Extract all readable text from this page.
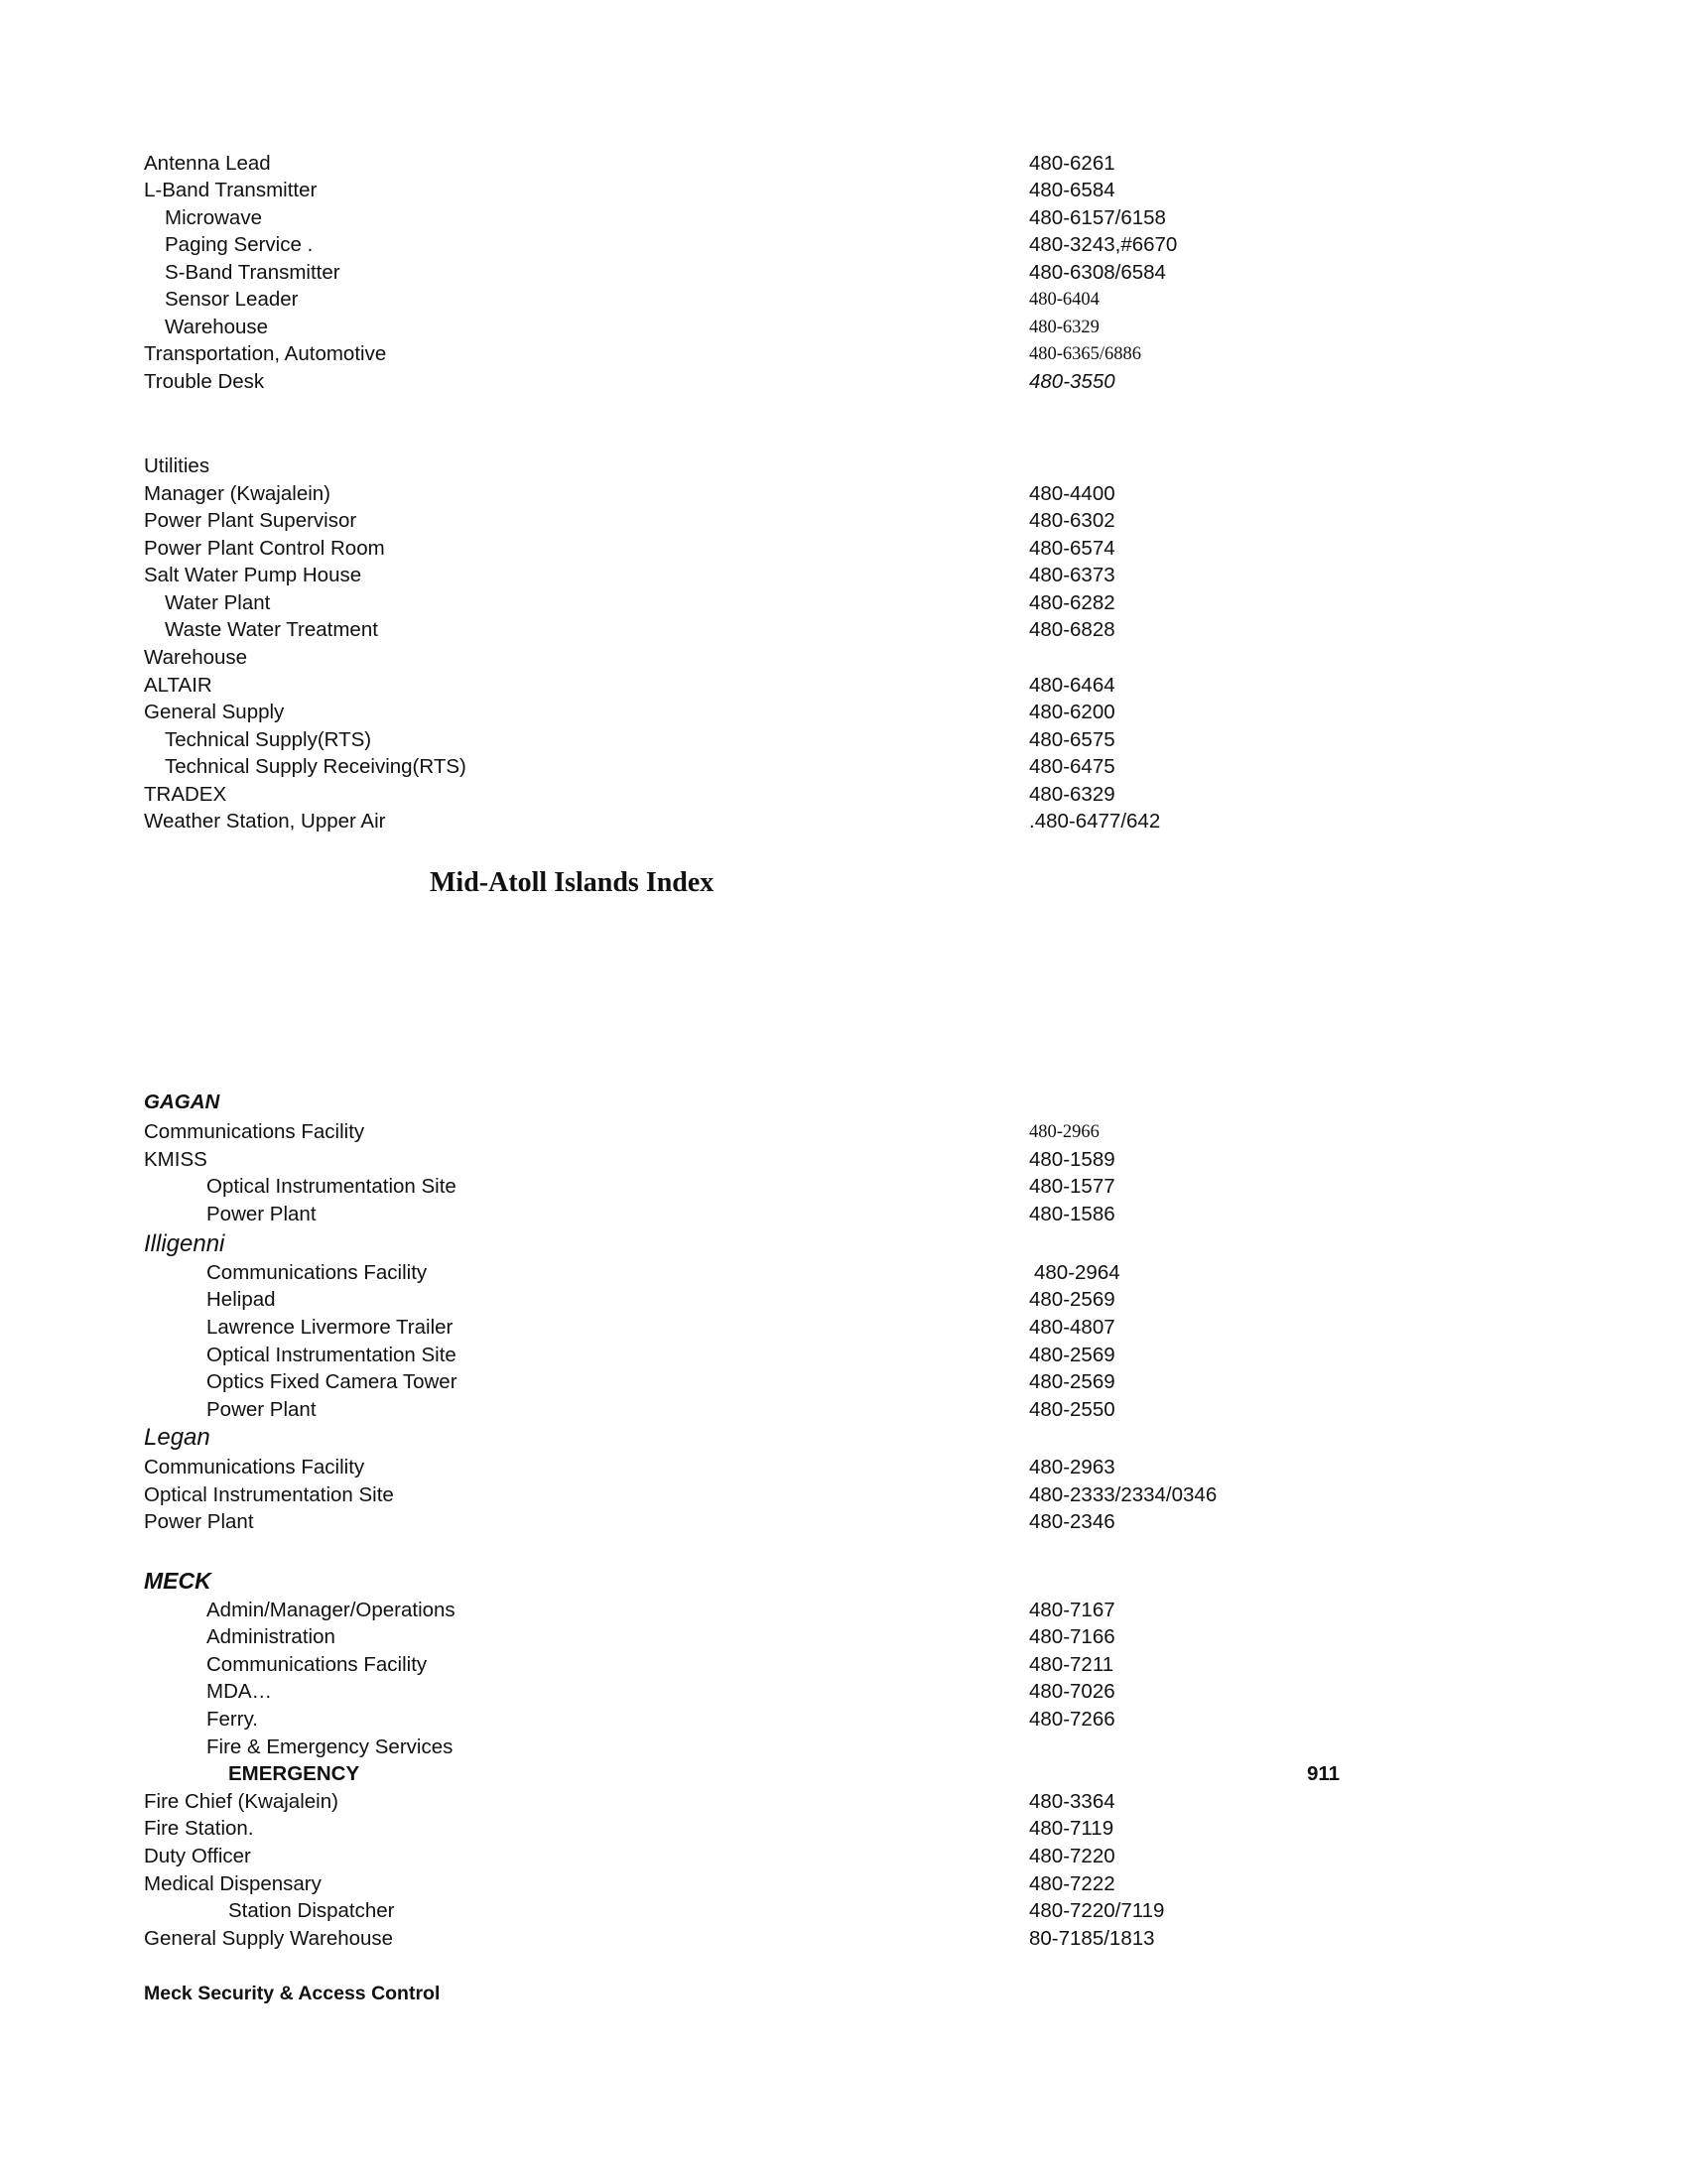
Antenna Lead	480-6261
L-Band Transmitter	480-6584
Microwave	480-6157/6158
Paging Service .	480-3243,#6670
S-Band Transmitter	480-6308/6584
Sensor Leader	480-6404
Warehouse	480-6329
Transportation, Automotive	480-6365/6886
Trouble Desk	480-3550
Utilities
Manager (Kwajalein)	480-4400
Power Plant Supervisor	480-6302
Power Plant Control Room	480-6574
Salt Water Pump House	480-6373
Water Plant	480-6282
Waste Water Treatment	480-6828
Warehouse
ALTAIR	480-6464
General Supply	480-6200
Technical Supply(RTS)	480-6575
Technical Supply Receiving(RTS)	480-6475
TRADEX	480-6329
Weather Station, Upper Air	.480-6477/642
Mid-Atoll Islands Index
GAGAN
Communications Facility	480-2966
KMISS	480-1589
Optical Instrumentation Site	480-1577
Power Plant	480-1586
Illigenni
Communications Facility	480-2964
Helipad	480-2569
Lawrence Livermore Trailer	480-4807
Optical Instrumentation Site	480-2569
Optics Fixed Camera Tower	480-2569
Power Plant	480-2550
Legan
Communications Facility	480-2963
Optical Instrumentation Site	480-2333/2334/0346
Power Plant	480-2346
MECK
Admin/Manager/Operations	480-7167
Administration	480-7166
Communications Facility	480-7211
MDA…	480-7026
Ferry.	480-7266
Fire & Emergency Services
EMERGENCY	911
Fire Chief (Kwajalein)	480-3364
Fire Station.	480-7119
Duty Officer	480-7220
Medical Dispensary	480-7222
Station Dispatcher	480-7220/7119
General Supply Warehouse	80-7185/1813
Meck Security & Access Control
